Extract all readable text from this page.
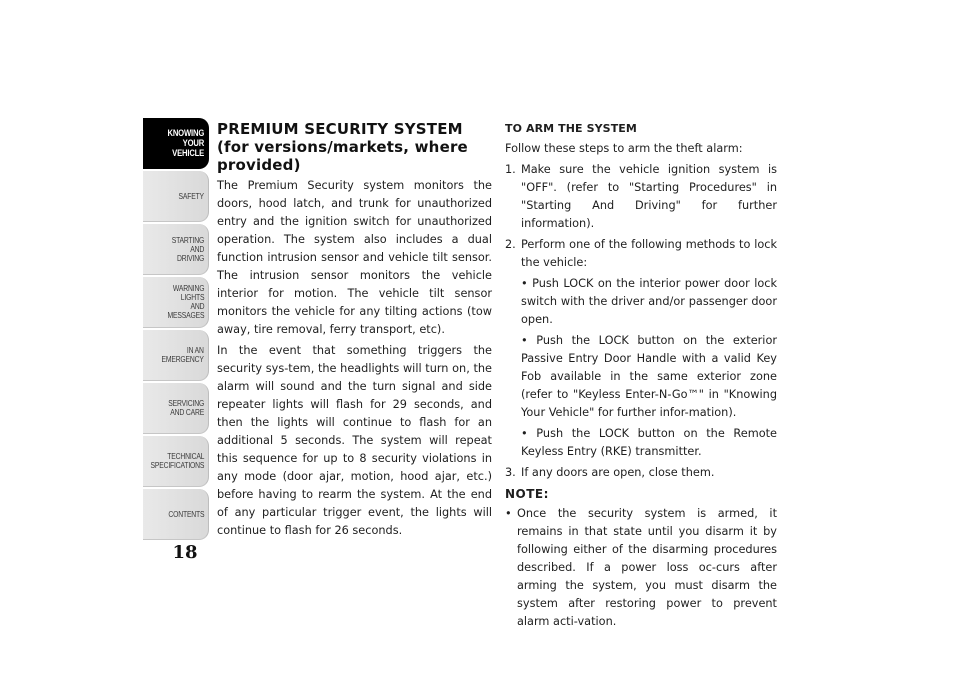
KNOWING
YOUR
VEHICLE
SAFETY
STARTING
AND
DRIVING
WARNING
LIGHTS
AND
MESSAGES
IN AN
EMERGENCY
SERVICING
AND CARE
TECHNICAL
SPECIFICATIONS
CONTENTS
18
PREMIUM SECURITY SYSTEM (for versions/markets, where provided)

The Premium Security system monitors the doors, hood latch, and trunk for unauthorized entry and the ignition switch for unauthorized operation. The system also includes a dual function intrusion sensor and vehicle tilt sensor. The intrusion sensor monitors the vehicle interior for motion. The vehicle tilt sensor monitors the vehicle for any tilting actions (tow away, tire removal, ferry transport, etc).

In the event that something triggers the security sys-tem, the headlights will turn on, the alarm will sound and the turn signal and side repeater lights will flash for 29 seconds, and then the lights will continue to flash for an additional 5 seconds. The system will repeat this sequence for up to 8 security violations in any mode (door ajar, motion, hood ajar, etc.) before having to rearm the system. At the end of any particular trigger event, the lights will continue to flash for 26 seconds.

TO ARM THE SYSTEM

Follow these steps to arm the theft alarm:

1. Make sure the vehicle ignition system is "OFF". (refer to "Starting Procedures" in "Starting And Driving" for further information).
2. Perform one of the following methods to lock the vehicle:

• Push LOCK on the interior power door lock switch with the driver and/or passenger door open.

• Push the LOCK button on the exterior Passive Entry Door Handle with a valid Key Fob available in the same exterior zone (refer to "Keyless Enter-N-Go™" in "Knowing Your Vehicle" for further infor-mation).

• Push the LOCK button on the Remote Keyless Entry (RKE) transmitter.

3. If any doors are open, close them.
NOTE:
• Once the security system is armed, it remains in that state until you disarm it by following either of the disarming procedures described. If a power loss oc-curs after arming the system, you must disarm the system after restoring power to prevent alarm acti-vation.
